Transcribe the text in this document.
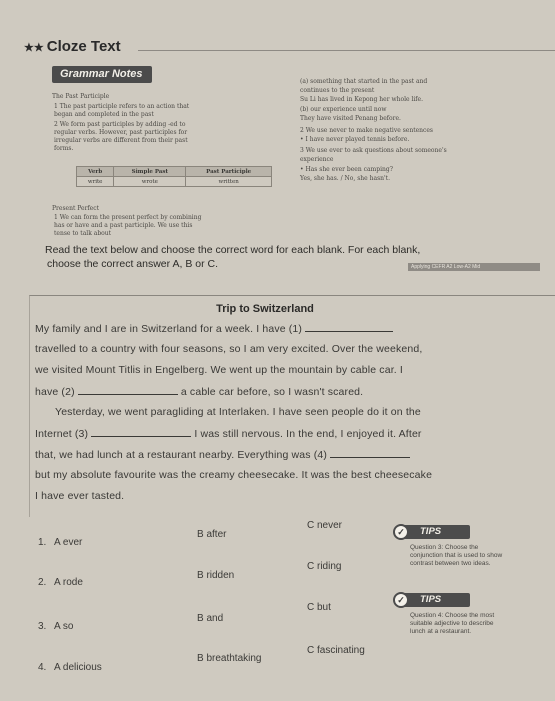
★★ Cloze Text
Grammar Notes
The Past Participle
1 The past participle refers to an action that
began and completed in the past
2 We form past participles by adding -ed to
regular verbs. However, past participles for
irregular verbs are different from their past
forms.
Verb	Simple Past	Past Participle
write	wrote	written
Present Perfect
1 We can form the present perfect by combining
has or have and a past participle. We use this
tense to talk about
(a) something that started in the past and
continues to the present
Su Li has lived in Kepong her whole life.
(b) our experience until now
They have visited Penang before.
2 We use never to make negative sentences
• I have never played tennis before.
3 We use ever to ask questions about someone's
experience
• Has she ever been camping?
Yes, she has. / No, she hasn't.
Applying CEFR A2 Low-A2 Mid
Read the text below and choose the correct word for each blank. For each blank,
choose the correct answer A, B or C.
Trip to Switzerland
My family and I are in Switzerland for a week. I have (1)
travelled to a country with four seasons, so I am very excited. Over the weekend,
we visited Mount Titlis in Engelberg. We went up the mountain by cable car. I
have (2)	a cable car before, so I wasn't scared.
Yesterday, we went paragliding at Interlaken. I have seen people do it on the
Internet (3)	I was still nervous. In the end, I enjoyed it. After
that, we had lunch at a restaurant nearby. Everything was (4)
but my absolute favourite was the creamy cheesecake. It was the best cheesecake
I have ever tasted.
1. A ever
B after
C never
2. A rode
B ridden
C riding
3. A so
B and
C but
4. A delicious
B breathtaking
C fascinating
TIPS
✓
Question 3: Choose the
conjunction that is used to show
contrast between two ideas.
TIPS
✓
Question 4: Choose the most
suitable adjective to describe
lunch at a restaurant.
